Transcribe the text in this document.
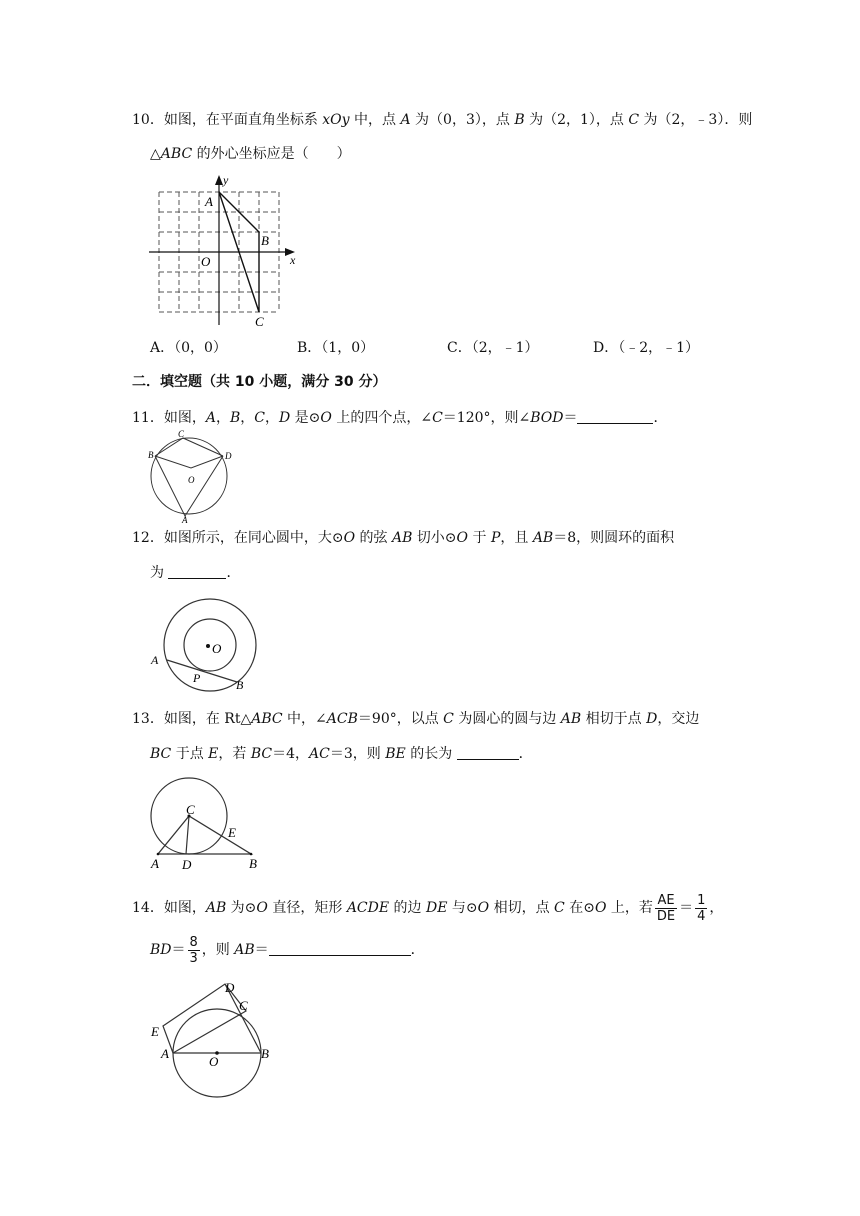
10．如图，在平面直角坐标系 xOy 中，点 A 为（0，3），点 B 为（2，1），点 C 为（2，﹣3）．则
△ABC 的外心坐标应是（　　）
A
B
C
O	x
y
A．（0，0）	B．（1，0）	C．（2，﹣1）	D．（﹣2，﹣1）
二．填空题（共 10 小题，满分 30 分）
11．如图，A，B，C，D 是⊙O 上的四个点，∠C＝120°，则∠BOD＝	．
C
B	D
O
A
12．如图所示，在同心圆中，大⊙O 的弦 AB 切小⊙O 于 P，且 AB＝8，则圆环的面积
为	．
O
A
P	B
13．如图，在 Rt△ABC 中，∠ACB＝90°，以点 C 为圆心的圆与边 AB 相切于点 D，交边
BC 于点 E，若 BC＝4，AC＝3，则 BE 的长为	．
C
E
A D	B
14．如图，AB 为⊙O 直径，矩形 ACDE 的边 DE 与⊙O 相切，点 C 在⊙O 上，若 $\frac{AE}{DE} = \frac{1}{4}$ ，
$BD= \frac{8}{3}$ ，则 AB＝	．
D
C
E
A
O
B
